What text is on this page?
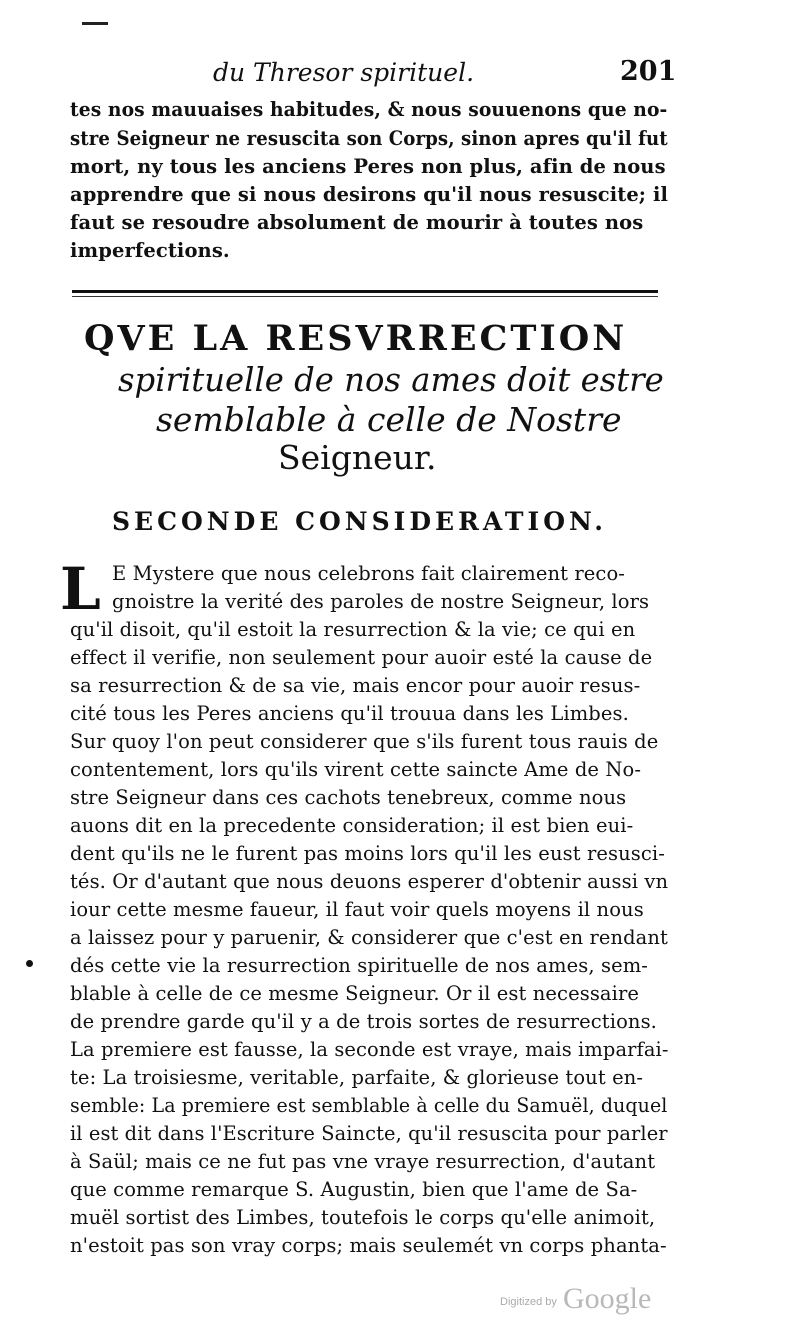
du Thresor spirituel.	201
tes nos mauuaises habitudes, & nous souuenons que no-
stre Seigneur ne resuscita son Corps, sinon apres qu'il fut
mort, ny tous les anciens Peres non plus, afin de nous
apprendre que si nous desirons qu'il nous resuscite; il
faut se resoudre absolument de mourir à toutes nos
imperfections.
QVE LA RESVRRECTION
spirituelle de nos ames doit estre
semblable à celle de Nostre
Seigneur.
SECONDE CONSIDERATION.
L E Mystere que nous celebrons fait clairement reco-
gnoistre la verité des paroles de nostre Seigneur, lors
qu'il disoit, qu'il estoit la resurrection & la vie; ce qui en
effect il verifie, non seulement pour auoir esté la cause de
sa resurrection & de sa vie, mais encor pour auoir resus-
cité tous les Peres anciens qu'il trouua dans les Limbes.
Sur quoy l'on peut considerer que s'ils furent tous rauis de
contentement, lors qu'ils virent cette saincte Ame de No-
stre Seigneur dans ces cachots tenebreux, comme nous
auons dit en la precedente consideration; il est bien eui-
dent qu'ils ne le furent pas moins lors qu'il les eust resusci-
tés. Or d'autant que nous deuons esperer d'obtenir aussi vn
iour cette mesme faueur, il faut voir quels moyens il nous
a laissez pour y paruenir, & considerer que c'est en rendant
dés cette vie la resurrection spirituelle de nos ames, sem-
blable à celle de ce mesme Seigneur. Or il est necessaire
de prendre garde qu'il y a de trois sortes de resurrections.
La premiere est fausse, la seconde est vraye, mais imparfai-
te: La troisiesme, veritable, parfaite, & glorieuse tout en-
semble: La premiere est semblable à celle du Samuël, duquel
il est dit dans l'Escriture Saincte, qu'il resuscita pour parler
à Saül; mais ce ne fut pas vne vraye resurrection, d'autant
que comme remarque S. Augustin, bien que l'ame de Sa-
muël sortist des Limbes, toutefois le corps qu'elle animoit,
n'estoit pas son vray corps; mais seulemét vn corps phanta-
Digitized by Google
